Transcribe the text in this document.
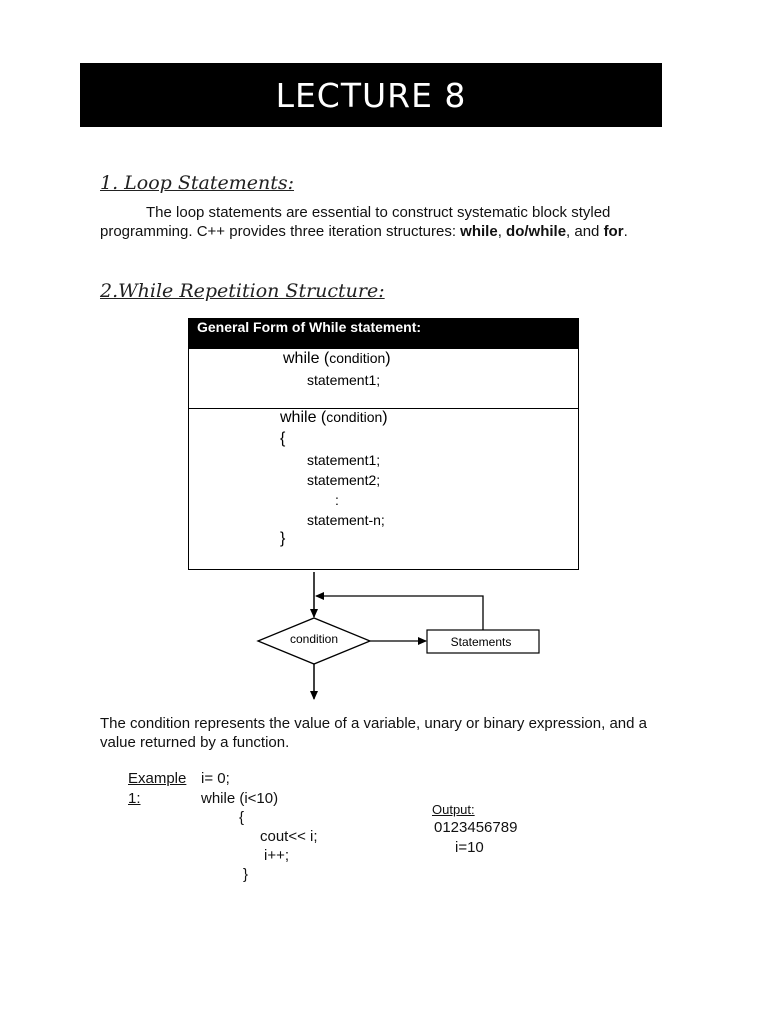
LECTURE 8
1. Loop Statements:
The loop statements are essential to construct systematic block styled programming. C++ provides three iteration structures: while, do/while, and for.
2.While Repetition Structure:
General Form of While statement:
while (condition)
statement1;
while (condition)
{
statement1;
statement2;
:
statement-n;
}
condition	Statements
The condition represents the value of a variable, unary or binary expression, and a value returned by a function.
Example
1:
i= 0;
while (i<10)
{
cout<< i;
i++;
}
Output:
0123456789
i=10
